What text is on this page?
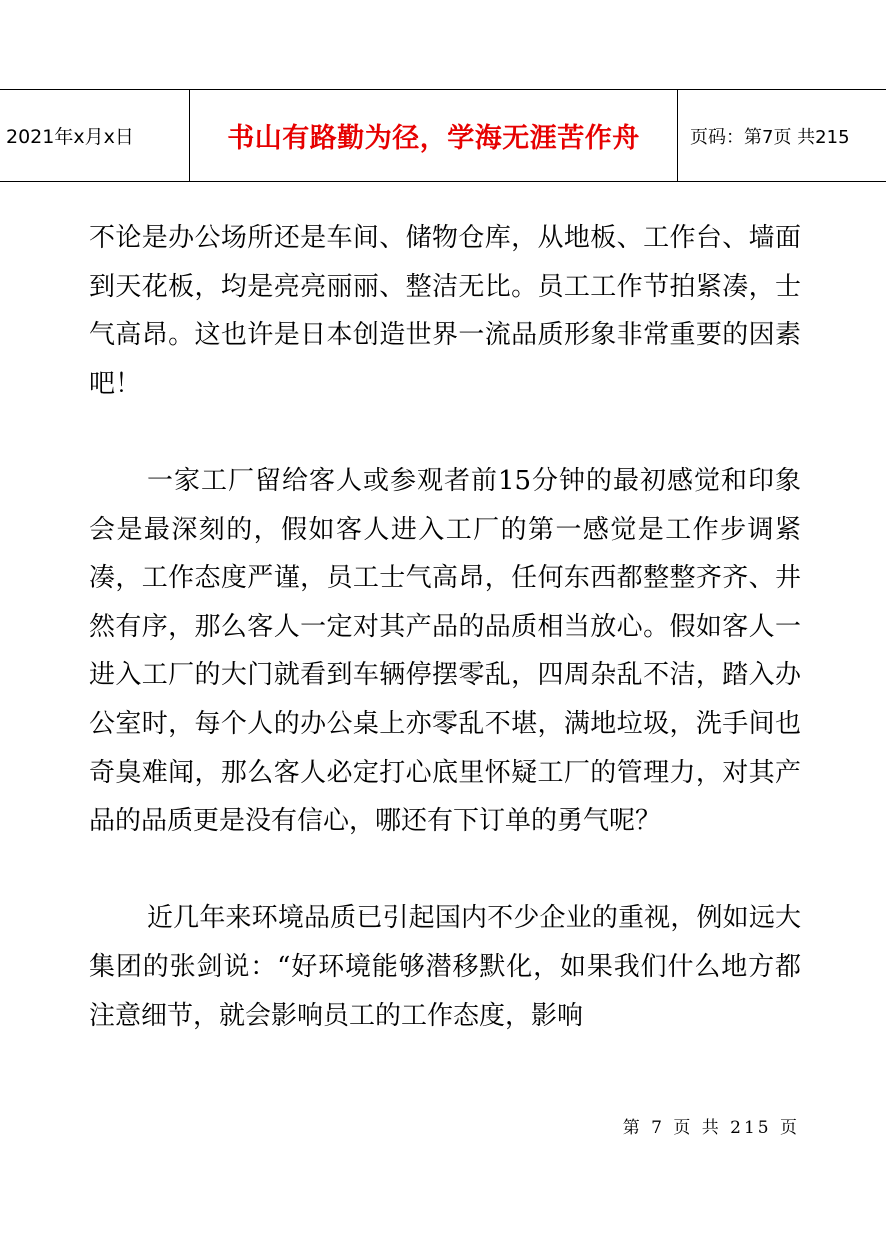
2021年x月x日	书山有路勤为径，学海无涯苦作舟	页码：第7页 共215

不论是办公场所还是车间、储物仓库，从地板、工作台、墙面到天花板，均是亮亮丽丽、整洁无比。员工工作节拍紧凑，士气高昂。这也许是日本创造世界一流品质形象非常重要的因素吧！

一家工厂留给客人或参观者前15分钟的最初感觉和印象会是最深刻的，假如客人进入工厂的第一感觉是工作步调紧凑，工作态度严谨，员工士气高昂，任何东西都整整齐齐、井然有序，那么客人一定对其产品的品质相当放心。假如客人一进入工厂的大门就看到车辆停摆零乱，四周杂乱不洁，踏入办公室时，每个人的办公桌上亦零乱不堪，满地垃圾，洗手间也奇臭难闻，那么客人必定打心底里怀疑工厂的管理力，对其产品的品质更是没有信心，哪还有下订单的勇气呢？

近几年来环境品质已引起国内不少企业的重视，例如远大集团的张剑说：“好环境能够潜移默化，如果我们什么地方都注意细节，就会影响员工的工作态度，影响

第 7 页 共 215 页
